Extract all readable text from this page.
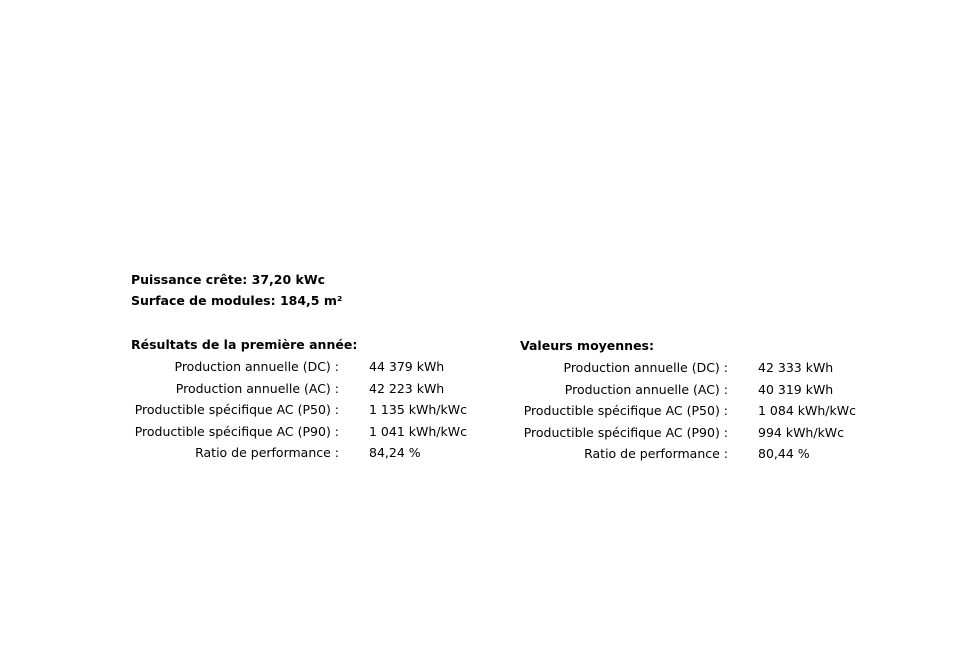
Puissance crête: 37,20 kWc
Surface de modules: 184,5 m²
Résultats de la première année:
Production annuelle (DC) : 44 379 kWh
Production annuelle (AC) : 42 223 kWh
Productible spécifique AC (P50) : 1 135 kWh/kWc
Productible spécifique AC (P90) : 1 041 kWh/kWc
Ratio de performance : 84,24 %
Valeurs moyennes:
Production annuelle (DC) : 42 333 kWh
Production annuelle (AC) : 40 319 kWh
Productible spécifique AC (P50) : 1 084 kWh/kWc
Productible spécifique AC (P90) : 994 kWh/kWc
Ratio de performance : 80,44 %
